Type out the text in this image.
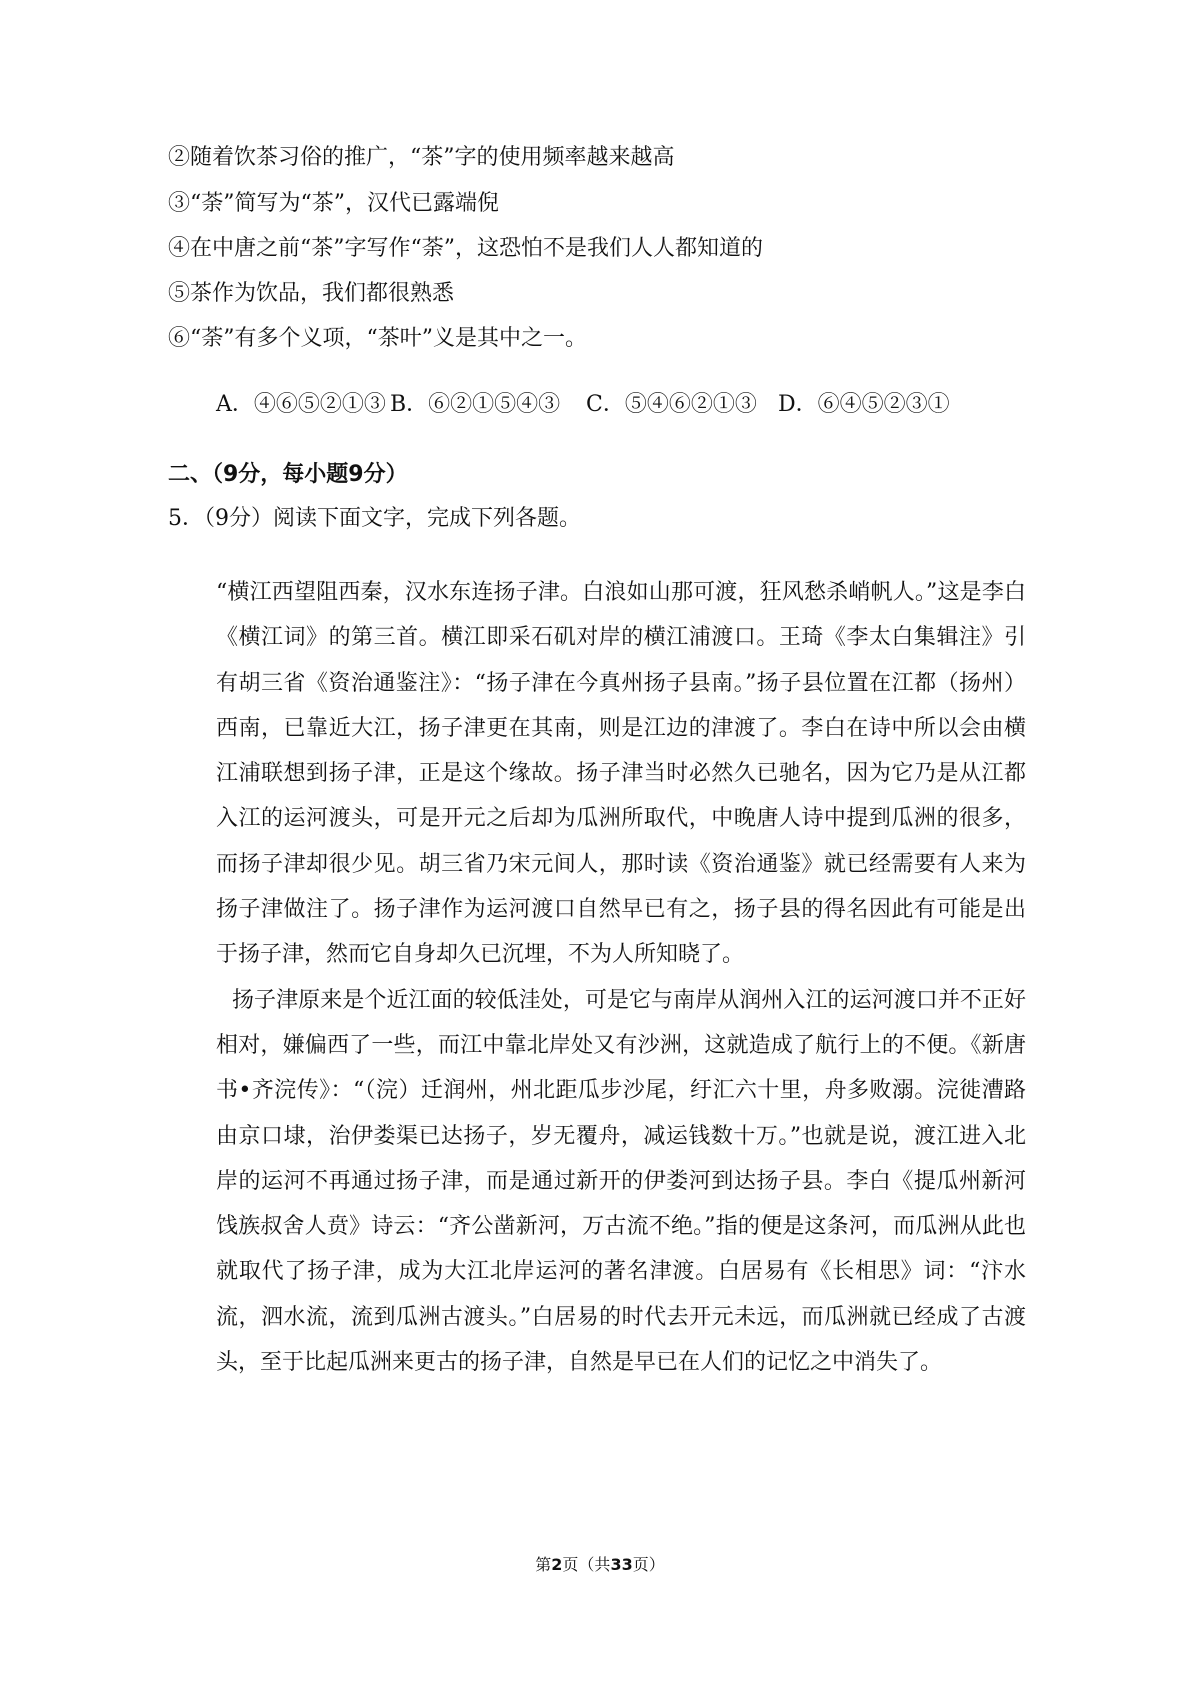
②随着饮茶习俗的推广，“茶”字的使用频率越来越高
③“荼”简写为“茶”，汉代已露端倪
④在中唐之前“茶”字写作“荼”，这恐怕不是我们人人都知道的
⑤茶作为饮品，我们都很熟悉
⑥“荼”有多个义项，“茶叶”义是其中之一。
A．④⑥⑤②①③ B．⑥②①⑤④③ C．⑤④⑥②①③ D．⑥④⑤②③①
二、（9分，每小题9分）
5．（9分）阅读下面文字，完成下列各题。

“横江西望阻西秦，汉水东连扬子津。白浪如山那可渡，狂风愁杀峭帆人。”这是李白《横江词》的第三首。横江即采石矶对岸的横江浦渡口。王琦《李太白集辑注》引有胡三省《资治通鉴注》：“扬子津在今真州扬子县南。”扬子县位置在江都（扬州）西南，已靠近大江，扬子津更在其南，则是江边的津渡了。李白在诗中所以会由横江浦联想到扬子津，正是这个缘故。扬子津当时必然久已驰名，因为它乃是从江都入江的运河渡头，可是开元之后却为瓜洲所取代，中晚唐人诗中提到瓜洲的很多，而扬子津却很少见。胡三省乃宋元间人，那时读《资治通鉴》就已经需要有人来为扬子津做注了。扬子津作为运河渡口自然早已有之，扬子县的得名因此有可能是出于扬子津，然而它自身却久已沉埋，不为人所知晓了。

扬子津原来是个近江面的较低洼处，可是它与南岸从润州入江的运河渡口并不正好相对，嫌偏西了一些，而江中靠北岸处又有沙洲，这就造成了航行上的不便。《新唐书•齐浣传》：“（浣）迁润州，州北距瓜步沙尾，纡汇六十里，舟多败溺。浣徙漕路由京口埭，治伊娄渠已达扬子，岁无覆舟，减运钱数十万。”也就是说，渡江进入北岸的运河不再通过扬子津，而是通过新开的伊娄河到达扬子县。李白《提瓜州新河饯族叔舍人贲》诗云：“齐公凿新河，万古流不绝。”指的便是这条河，而瓜洲从此也就取代了扬子津，成为大江北岸运河的著名津渡。白居易有《长相思》词：“汴水流，泗水流，流到瓜洲古渡头。”白居易的时代去开元未远，而瓜洲就已经成了古渡头，至于比起瓜洲来更古的扬子津，自然是早已在人们的记忆之中消失了。

第2页（共33页）
